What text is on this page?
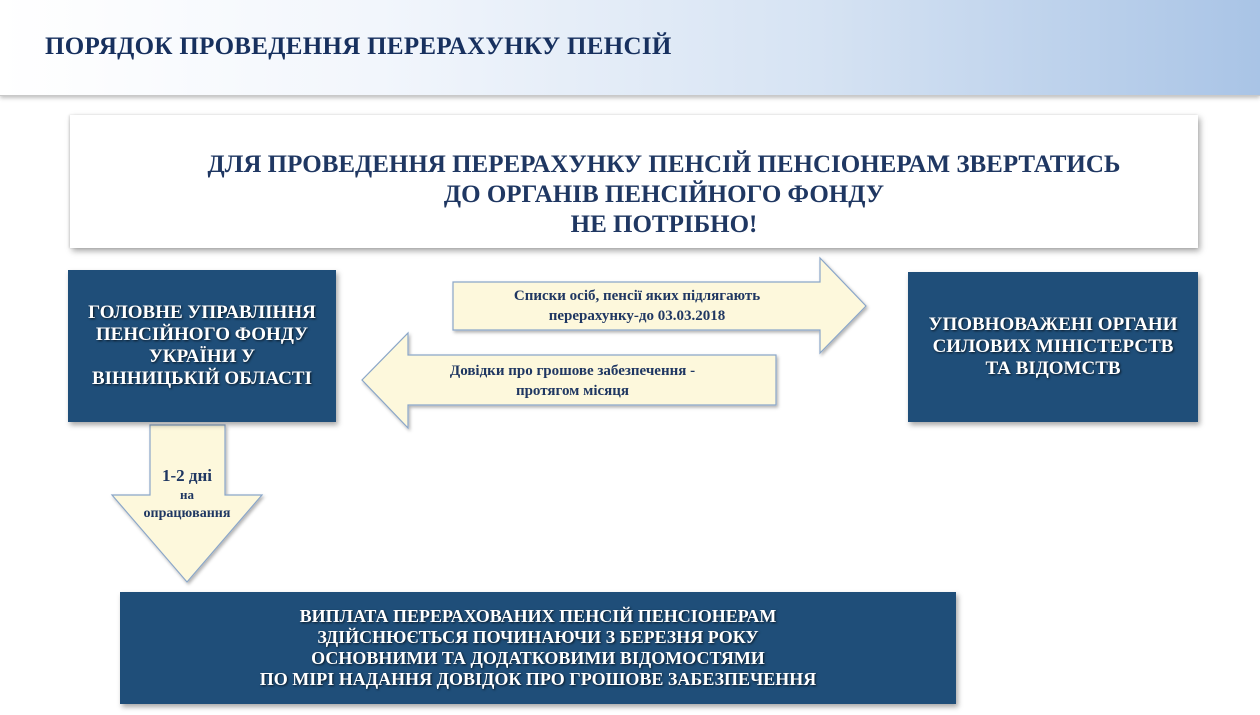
ПОРЯДОК ПРОВЕДЕННЯ ПЕРЕРАХУНКУ ПЕНСІЙ
ДЛЯ ПРОВЕДЕННЯ ПЕРЕРАХУНКУ ПЕНСІЙ ПЕНСІОНЕРАМ ЗВЕРТАТИСЬ
ДО ОРГАНІВ ПЕНСІЙНОГО ФОНДУ
НЕ ПОТРІБНО!
ГОЛОВНЕ УПРАВЛІННЯ
ПЕНСІЙНОГО ФОНДУ
УКРАЇНИ У
ВІННИЦЬКІЙ ОБЛАСТІ
УПОВНОВАЖЕНІ ОРГАНИ
СИЛОВИХ МІНІСТЕРСТВ
ТА ВІДОМСТВ
Списки осіб, пенсії яких підлягають
перерахунку-до 03.03.2018
Довідки про грошове забезпечення -
протягом місяця
1-2 дні
на
опрацювання
ВИПЛАТА ПЕРЕРАХОВАНИХ ПЕНСІЙ ПЕНСІОНЕРАМ
ЗДІЙСНЮЄТЬСЯ ПОЧИНАЮЧИ З БЕРЕЗНЯ РОКУ
ОСНОВНИМИ ТА ДОДАТКОВИМИ ВІДОМОСТЯМИ
ПО МІРІ НАДАННЯ ДОВІДОК ПРО ГРОШОВЕ ЗАБЕЗПЕЧЕННЯ
